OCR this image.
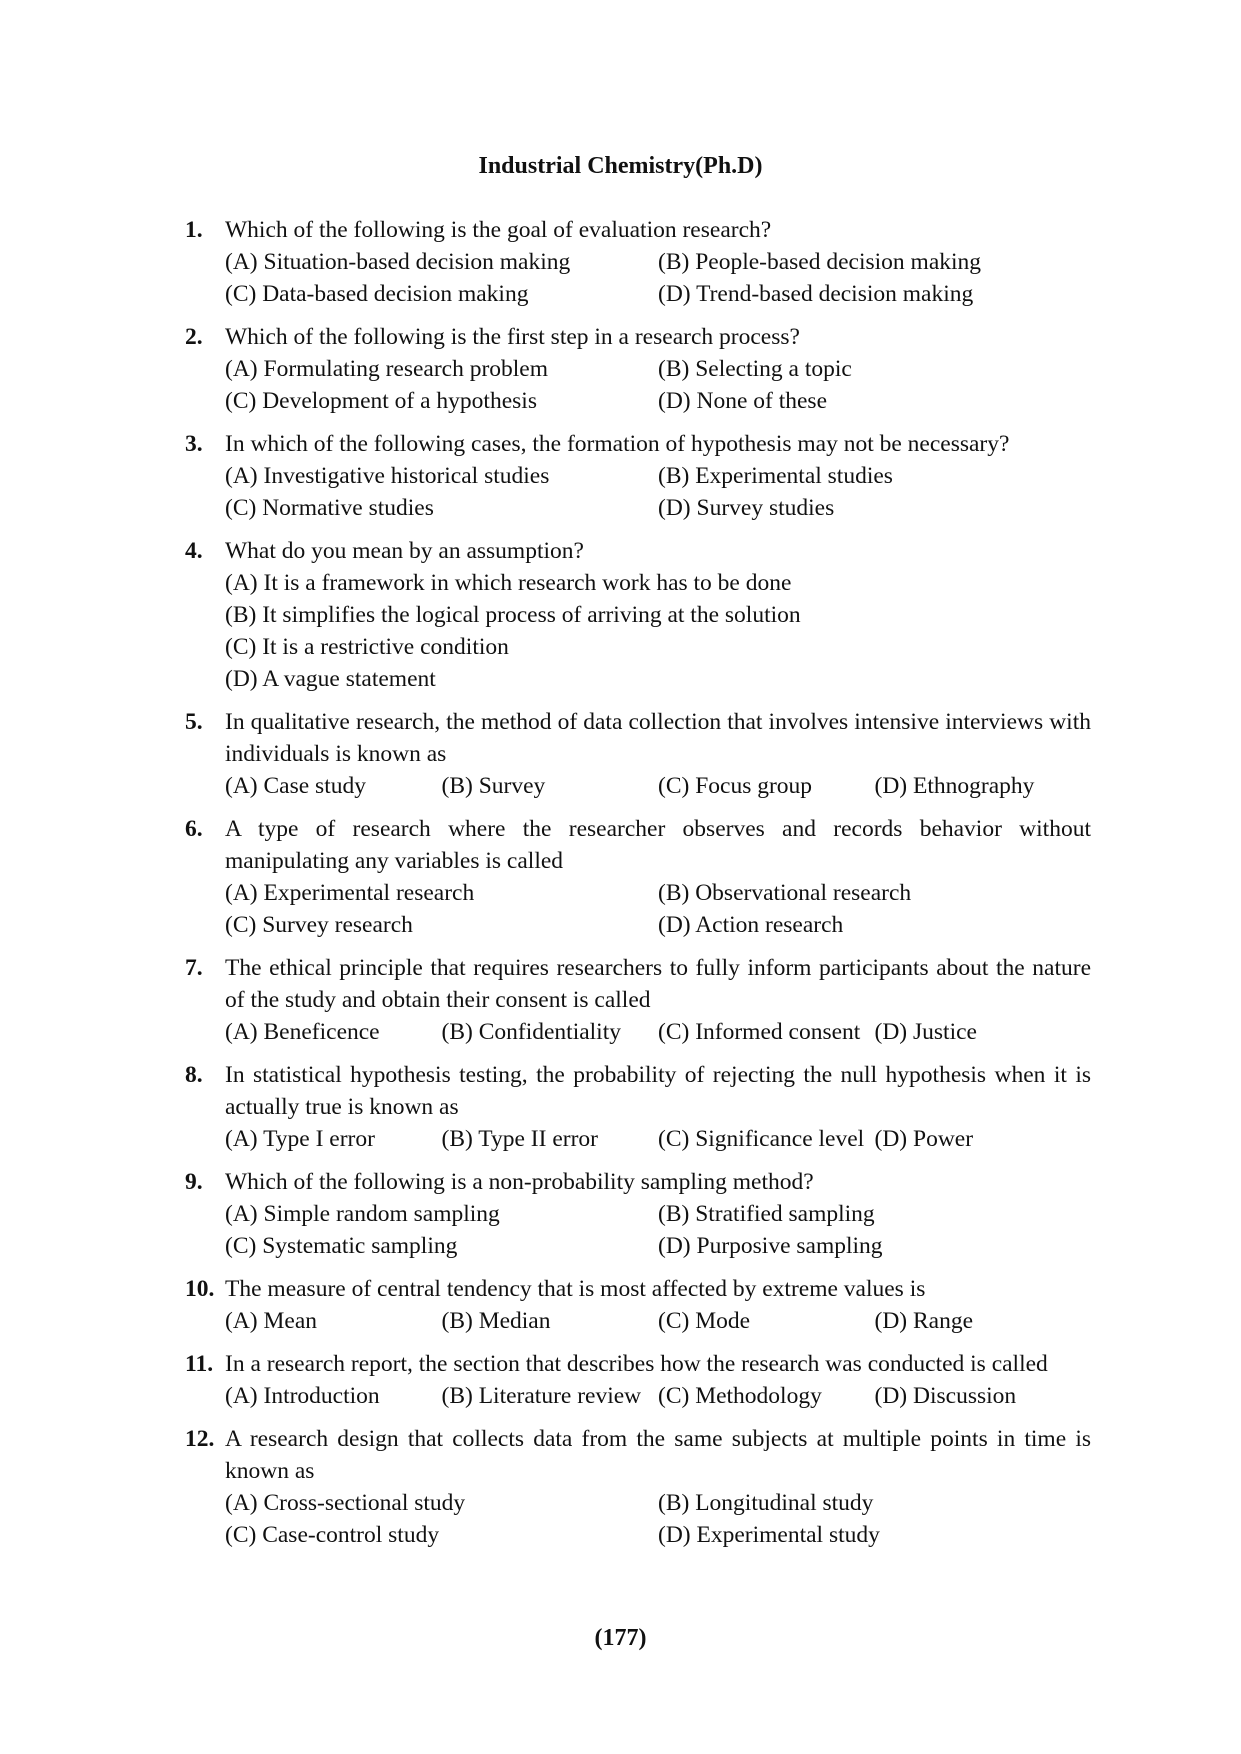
Industrial Chemistry(Ph.D)
1. Which of the following is the goal of evaluation research?
(A) Situation-based decision making	(B) People-based decision making
(C) Data-based decision making	(D) Trend-based decision making
2. Which of the following is the first step in a research process?
(A) Formulating research problem	(B) Selecting a topic
(C) Development of a hypothesis	(D) None of these
3. In which of the following cases, the formation of hypothesis may not be necessary?
(A) Investigative historical studies	(B) Experimental studies
(C) Normative studies	(D) Survey studies
4. What do you mean by an assumption?
(A) It is a framework in which research work has to be done
(B) It simplifies the logical process of arriving at the solution
(C) It is a restrictive condition
(D) A vague statement
5. In qualitative research, the method of data collection that involves intensive interviews with individuals is known as
(A) Case study	(B) Survey	(C) Focus group	(D) Ethnography
6. A type of research where the researcher observes and records behavior without manipulating any variables is called
(A) Experimental research	(B) Observational research
(C) Survey research	(D) Action research
7. The ethical principle that requires researchers to fully inform participants about the nature of the study and obtain their consent is called
(A) Beneficence	(B) Confidentiality	(C) Informed consent (D) Justice
8. In statistical hypothesis testing, the probability of rejecting the null hypothesis when it is actually true is known as
(A) Type I error	(B) Type II error	(C) Significance level (D) Power
9. Which of the following is a non-probability sampling method?
(A) Simple random sampling	(B) Stratified sampling
(C) Systematic sampling	(D) Purposive sampling
10. The measure of central tendency that is most affected by extreme values is
(A) Mean	(B) Median	(C) Mode	(D) Range
11. In a research report, the section that describes how the research was conducted is called
(A) Introduction	(B) Literature review (C) Methodology	(D) Discussion
12. A research design that collects data from the same subjects at multiple points in time is known as
(A) Cross-sectional study	(B) Longitudinal study
(C) Case-control study	(D) Experimental study
(177)
